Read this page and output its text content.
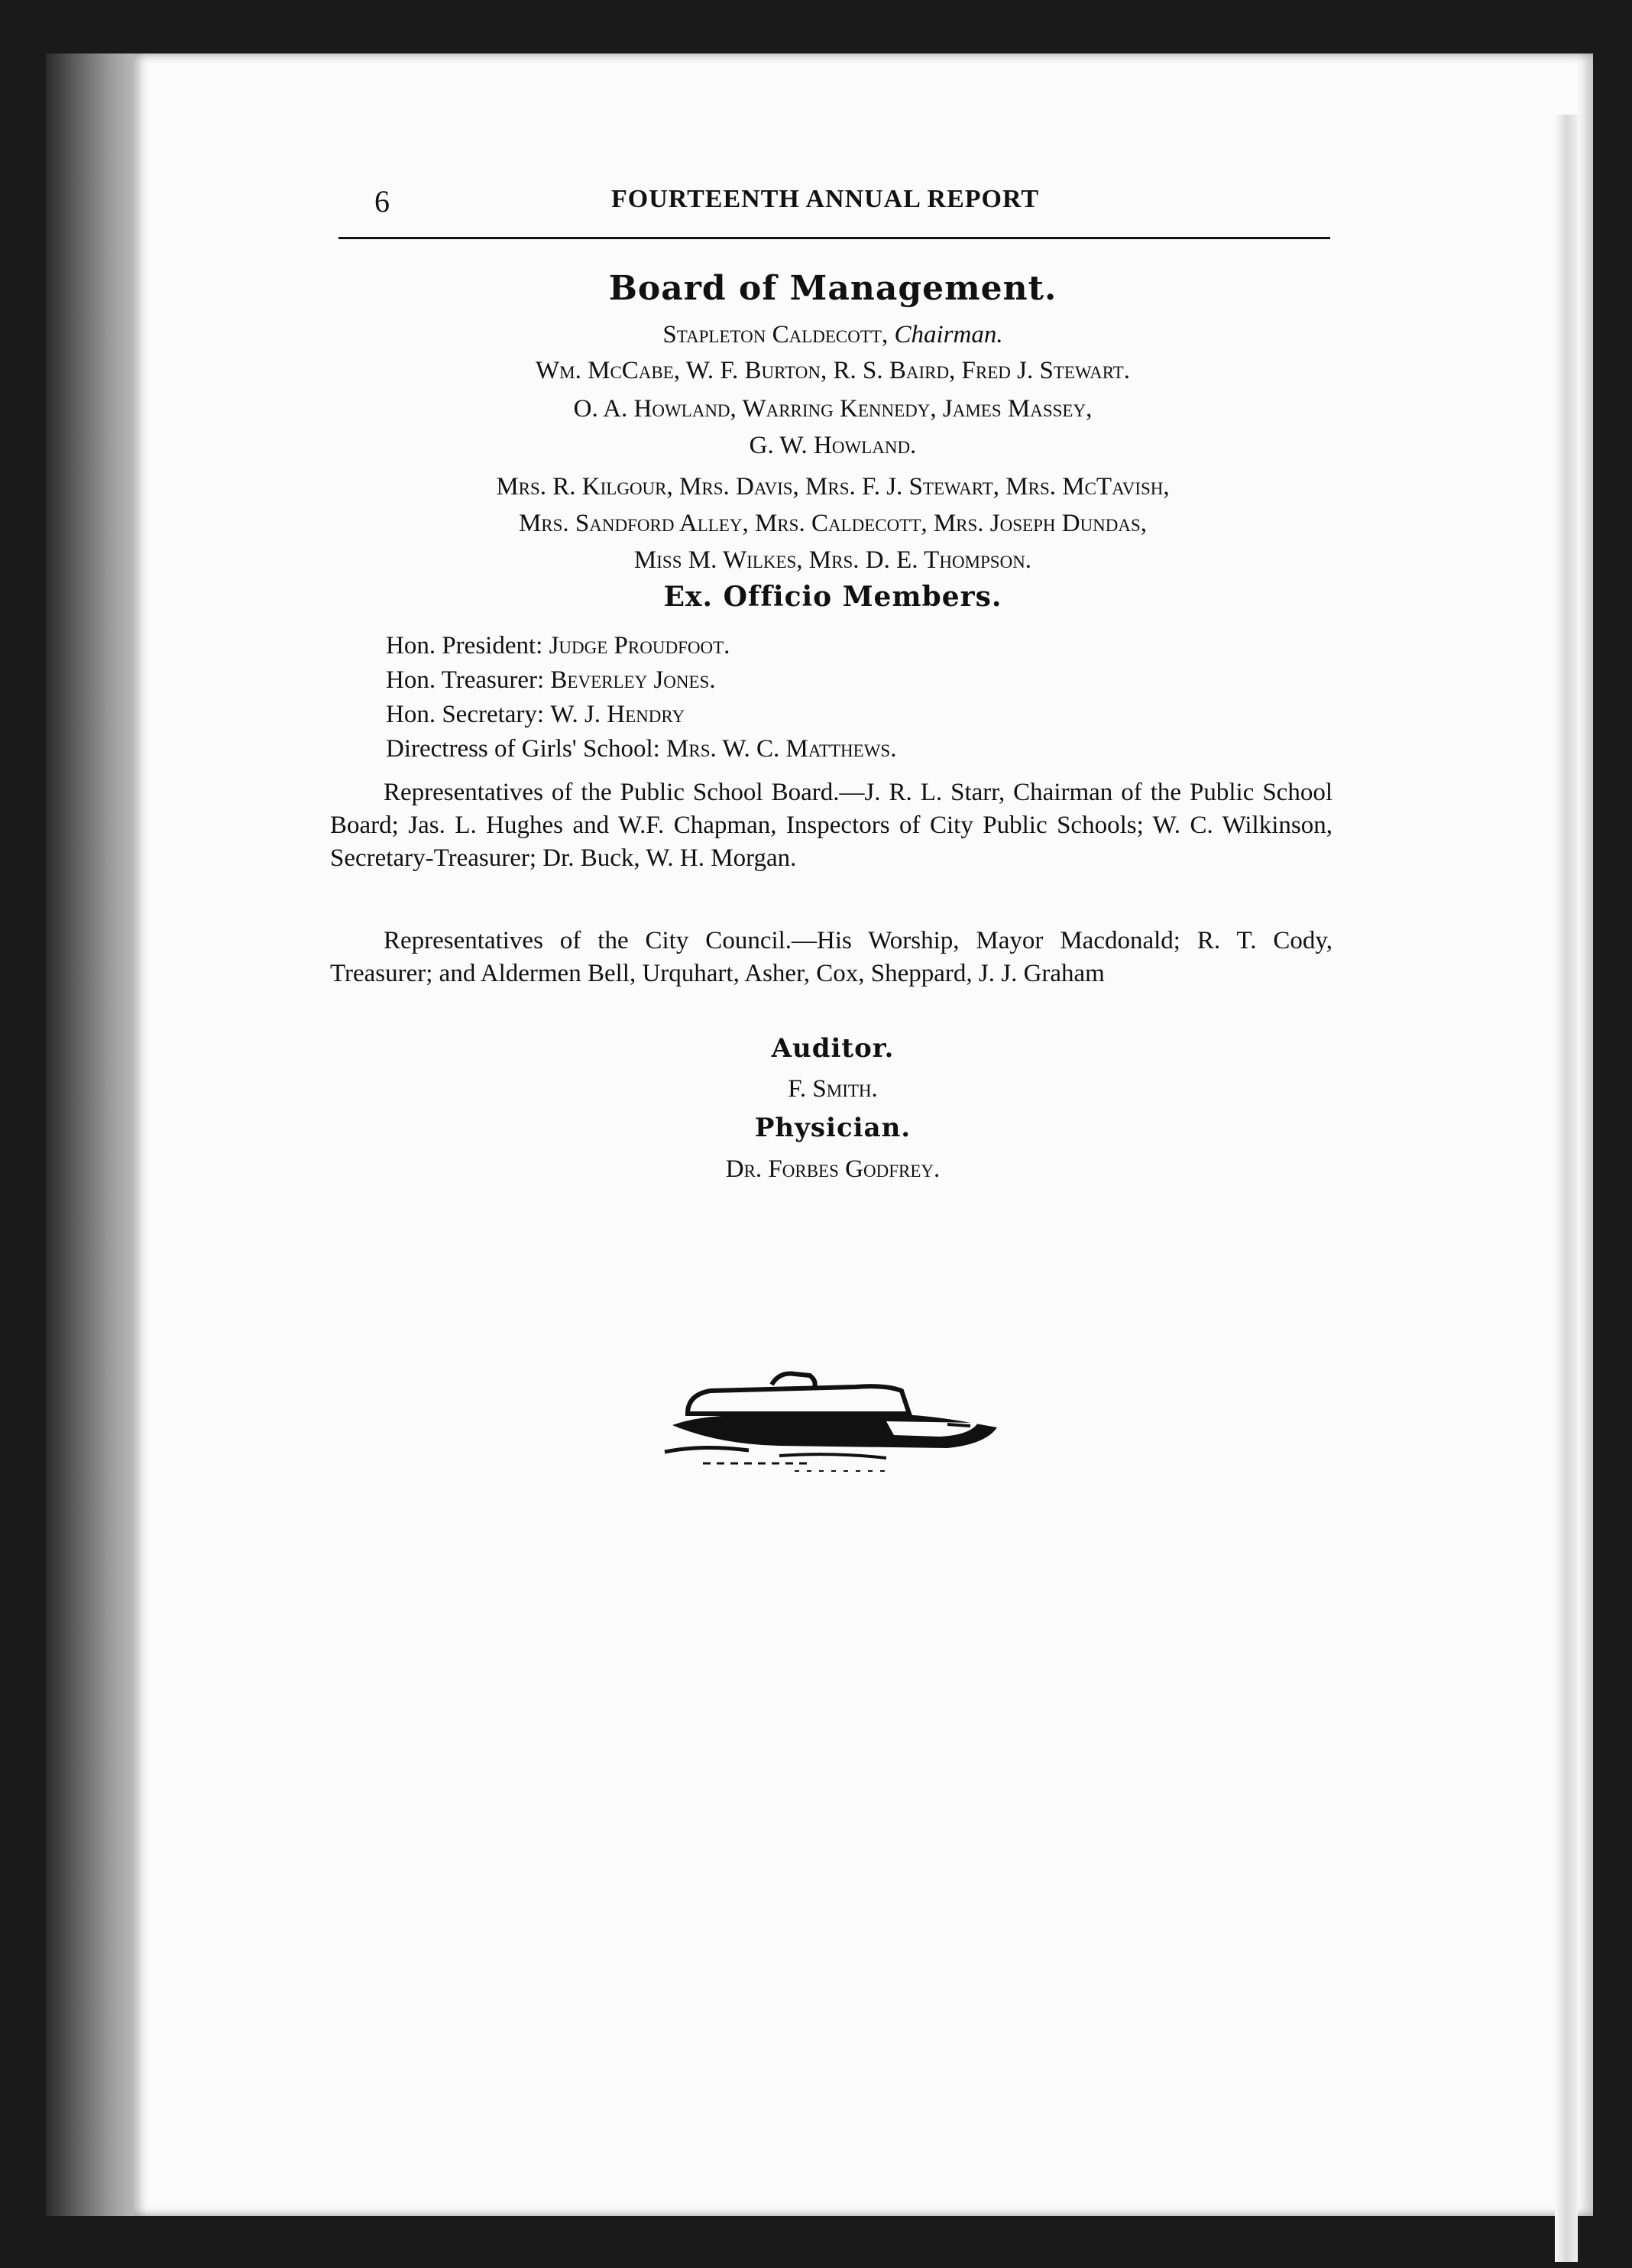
6	FOURTEENTH ANNUAL REPORT
Board of Management.
Stapleton Caldecott, Chairman.
Wm. McCabe, W. F. Burton, R. S. Baird, Fred J. Stewart.
O. A. Howland, Warring Kennedy, James Massey,
G. W. Howland.
Mrs. R. Kilgour, Mrs. Davis, Mrs. F. J. Stewart, Mrs. McTavish,
Mrs. Sandford Alley, Mrs. Caldecott, Mrs. Joseph Dundas,
Miss M. Wilkes, Mrs. D. E. Thompson.
Ex. Officio Members.
Hon. President: Judge Proudfoot.
Hon. Treasurer: Beverley Jones.
Hon. Secretary: W. J. Hendry
Directress of Girls' School: Mrs. W. C. Matthews.
Representatives of the Public School Board.—J. R. L. Starr, Chairman of the Public School Board; Jas. L. Hughes and W.F. Chapman, Inspectors of City Public Schools; W. C. Wilkinson, Secretary-Treasurer; Dr. Buck, W. H. Morgan.
Representatives of the City Council.—His Worship, Mayor Macdonald; R. T. Cody, Treasurer; and Aldermen Bell, Urquhart, Asher, Cox, Sheppard, J. J. Graham
Auditor.
F. Smith.
Physician.
Dr. Forbes Godfrey.
